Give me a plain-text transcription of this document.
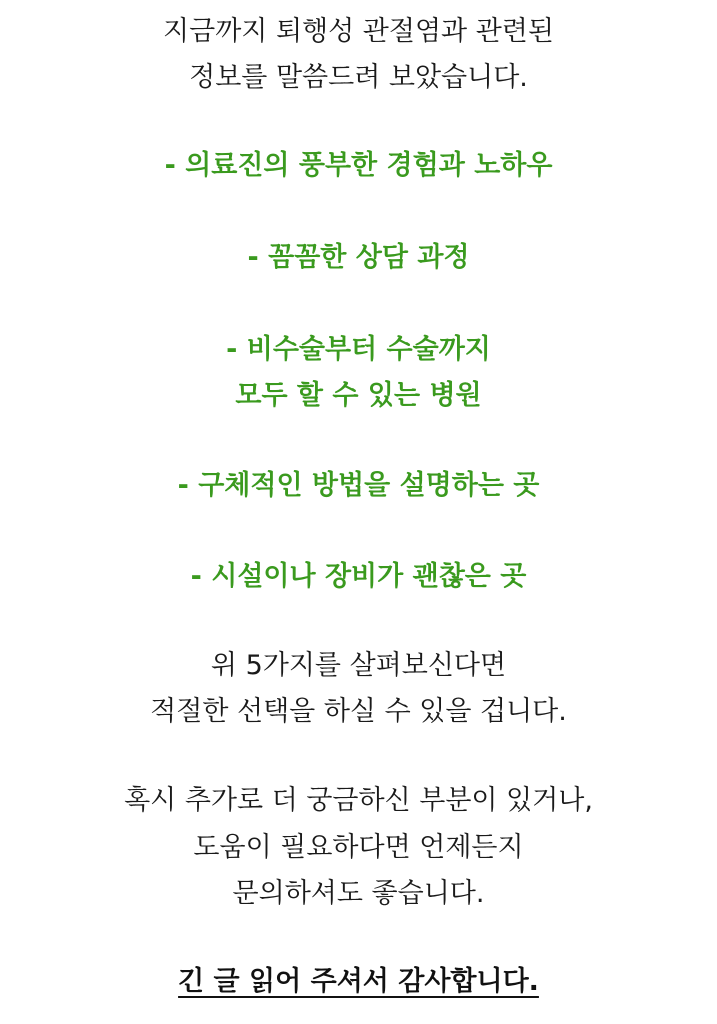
지금까지 퇴행성 관절염과 관련된
정보를 말씀드려 보았습니다.
- 의료진의 풍부한 경험과 노하우
- 꼼꼼한 상담 과정
- 비수술부터 수술까지
모두 할 수 있는 병원
- 구체적인 방법을 설명하는 곳
- 시설이나 장비가 괜찮은 곳
위 5가지를 살펴보신다면
적절한 선택을 하실 수 있을 겁니다.
혹시 추가로 더 궁금하신 부분이 있거나,
도움이 필요하다면 언제든지
문의하셔도 좋습니다.
긴 글 읽어 주셔서 감사합니다.
